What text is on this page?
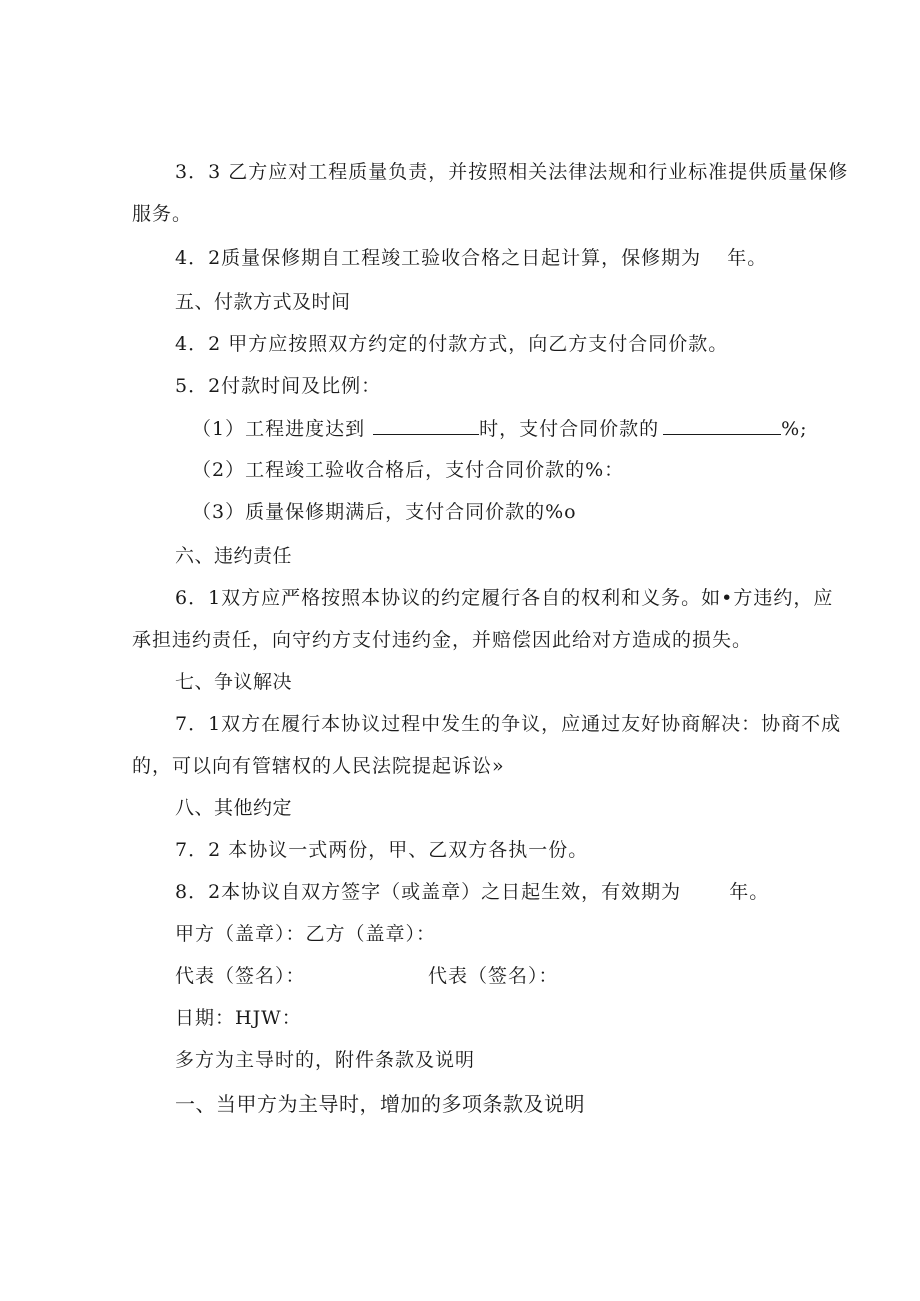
3．3 乙方应对工程质量负责，并按照相关法律法规和行业标准提供质量保修
服务。
4．2质量保修期自工程竣工验收合格之日起计算，保修期为 年。
五、付款方式及时间
4．2 甲方应按照双方约定的付款方式，向乙方支付合同价款。
5．2付款时间及比例：
（1）工程进度达到	时，支付合同价款的	%;
（2）工程竣工验收合格后，支付合同价款的%：
（3）质量保修期满后，支付合同价款的%o
六、违约责任
6．1双方应严格按照本协议的约定履行各自的权利和义务。如•方违约，应
承担违约责任，向守约方支付违约金，并赔偿因此给对方造成的损失。
七、争议解决
7．1双方在履行本协议过程中发生的争议，应通过友好协商解决：协商不成
的，可以向有管辖权的人民法院提起诉讼»
八、其他约定
7．2 本协议一式两份，甲、乙双方各执一份。
8．2本协议自双方签字（或盖章）之日起生效，有效期为	年。
甲方（盖章）：乙方（盖章）：
代表（签名）：	代表（签名）：
日期：HJW：
多方为主导时的，附件条款及说明
一、当甲方为主导时，增加的多项条款及说明
